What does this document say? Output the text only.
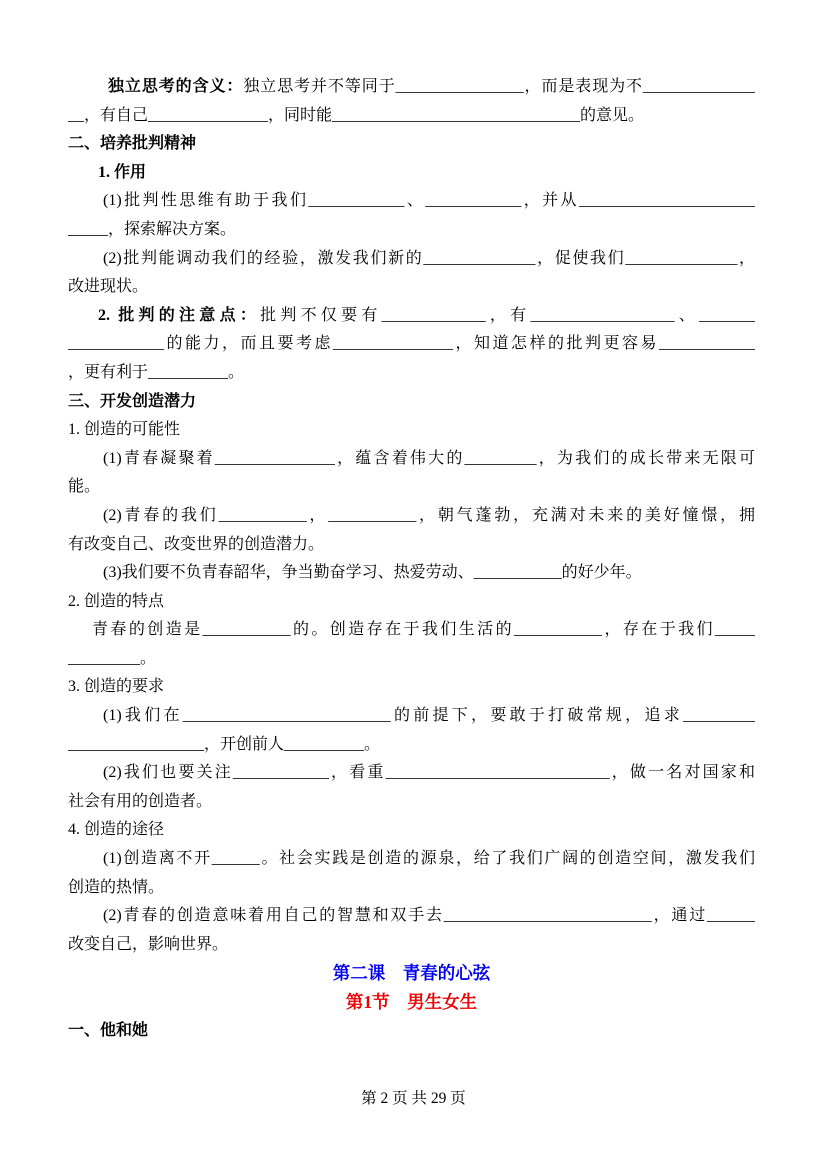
独立思考的含义：独立思考并不等同于________________，而是表现为不______________
__，有自己_______________，同时能_______________________________的意见。
二、培养批判精神
1. 作用
(1)批判性思维有助于我们____________、____________，并从______________________
_____，探索解决方案。
(2)批判能调动我们的经验，激发我们新的______________，促使我们______________，
改进现状。
2. 批判的注意点：批判不仅要有_____________，有__________________、_______
____________的能力，而且要考虑_______________，知道怎样的批判更容易____________
，更有利于__________。
三、开发创造潜力
1. 创造的可能性
(1)青春凝聚着_______________，蕴含着伟大的_________，为我们的成长带来无限可
能。
(2)青春的我们___________，___________，朝气蓬勃，充满对未来的美好憧憬，拥
有改变自己、改变世界的创造潜力。
(3)我们要不负青春韶华，争当勤奋学习、热爱劳动、___________的好少年。
2. 创造的特点
青春的创造是___________的。创造存在于我们生活的___________，存在于我们_____
_________。
3. 创造的要求
(1)我们在__________________________的前提下，要敢于打破常规，追求_________
_________________，开创前人__________。
(2)我们也要关注____________，看重____________________________，做一名对国家和
社会有用的创造者。
4. 创造的途径
(1)创造离不开______。社会实践是创造的源泉，给了我们广阔的创造空间，激发我们
创造的热情。
(2)青春的创造意味着用自己的智慧和双手去__________________________，通过______
改变自己，影响世界。
第二课　青春的心弦
第1节　男生女生
一、他和她
第 2 页 共 29 页
